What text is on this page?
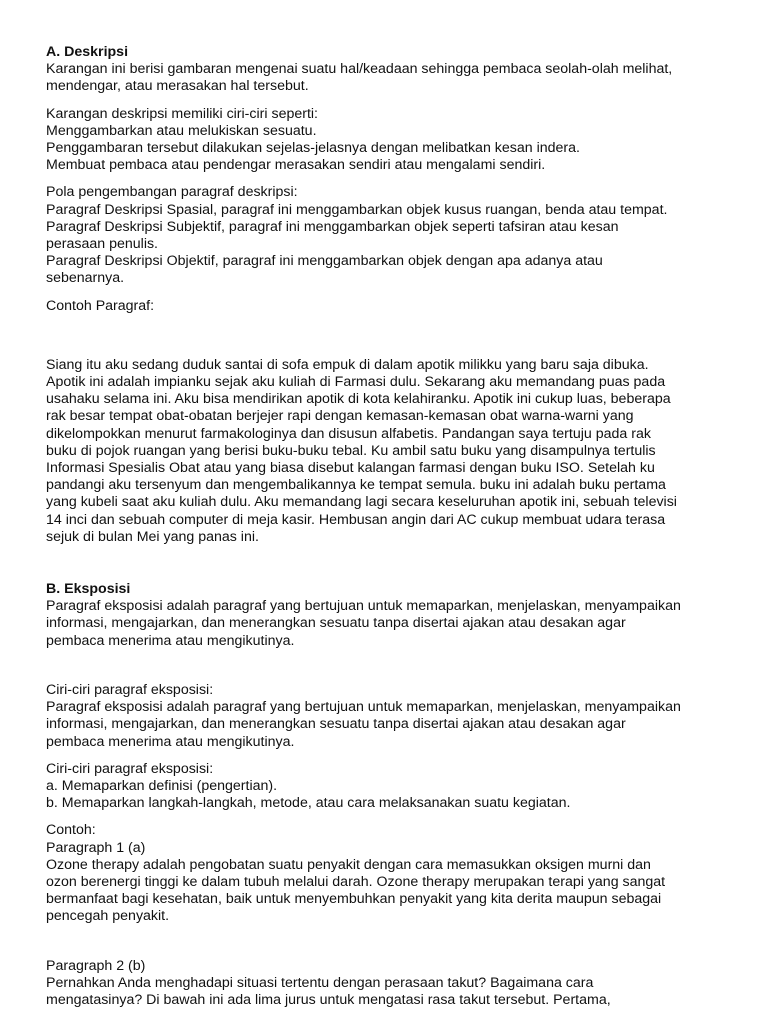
A. Deskripsi
Karangan ini berisi gambaran mengenai suatu hal/keadaan sehingga pembaca seolah-olah melihat,
mendengar, atau merasakan hal tersebut.
Karangan deskripsi memiliki ciri-ciri seperti:
Menggambarkan atau melukiskan sesuatu.
Penggambaran tersebut dilakukan sejelas-jelasnya dengan melibatkan kesan indera.
Membuat pembaca atau pendengar merasakan sendiri atau mengalami sendiri.
Pola pengembangan paragraf deskripsi:
Paragraf Deskripsi Spasial, paragraf ini menggambarkan objek kusus ruangan, benda atau tempat.
Paragraf Deskripsi Subjektif, paragraf ini menggambarkan objek seperti tafsiran atau kesan
perasaan penulis.
Paragraf Deskripsi Objektif, paragraf ini menggambarkan objek dengan apa adanya atau
sebenarnya.
Contoh Paragraf:
Siang itu aku sedang duduk santai di sofa empuk di dalam apotik milikku yang baru saja dibuka.
Apotik ini adalah impianku sejak aku kuliah di Farmasi dulu. Sekarang aku memandang puas pada
usahaku selama ini. Aku bisa mendirikan apotik di kota kelahiranku. Apotik ini cukup luas, beberapa
rak besar tempat obat-obatan berjejer rapi dengan kemasan-kemasan obat warna-warni yang
dikelompokkan menurut farmakologinya dan disusun alfabetis. Pandangan saya tertuju pada rak
buku di pojok ruangan yang berisi buku-buku tebal. Ku ambil satu buku yang disampulnya tertulis
Informasi Spesialis Obat atau yang biasa disebut kalangan farmasi dengan buku ISO. Setelah ku
pandangi aku tersenyum dan mengembalikannya ke tempat semula. buku ini adalah buku pertama
yang kubeli saat aku kuliah dulu. Aku memandang lagi secara keseluruhan apotik ini, sebuah televisi
14 inci dan sebuah computer di meja kasir. Hembusan angin dari AC cukup membuat udara terasa
sejuk di bulan Mei yang panas ini.
B. Eksposisi
Paragraf eksposisi adalah paragraf yang bertujuan untuk memaparkan, menjelaskan, menyampaikan
informasi, mengajarkan, dan menerangkan sesuatu tanpa disertai ajakan atau desakan agar
pembaca menerima atau mengikutinya.
Ciri-ciri paragraf eksposisi:
Paragraf eksposisi adalah paragraf yang bertujuan untuk memaparkan, menjelaskan, menyampaikan
informasi, mengajarkan, dan menerangkan sesuatu tanpa disertai ajakan atau desakan agar
pembaca menerima atau mengikutinya.
Ciri-ciri paragraf eksposisi:
a. Memaparkan definisi (pengertian).
b. Memaparkan langkah-langkah, metode, atau cara melaksanakan suatu kegiatan.
Contoh:
Paragraph 1 (a)
Ozone therapy adalah pengobatan suatu penyakit dengan cara memasukkan oksigen murni dan
ozon berenergi tinggi ke dalam tubuh melalui darah. Ozone therapy merupakan terapi yang sangat
bermanfaat bagi kesehatan, baik untuk menyembuhkan penyakit yang kita derita maupun sebagai
pencegah penyakit.
Paragraph 2 (b)
Pernahkan Anda menghadapi situasi tertentu dengan perasaan takut? Bagaimana cara
mengatasinya? Di bawah ini ada lima jurus untuk mengatasi rasa takut tersebut. Pertama,
